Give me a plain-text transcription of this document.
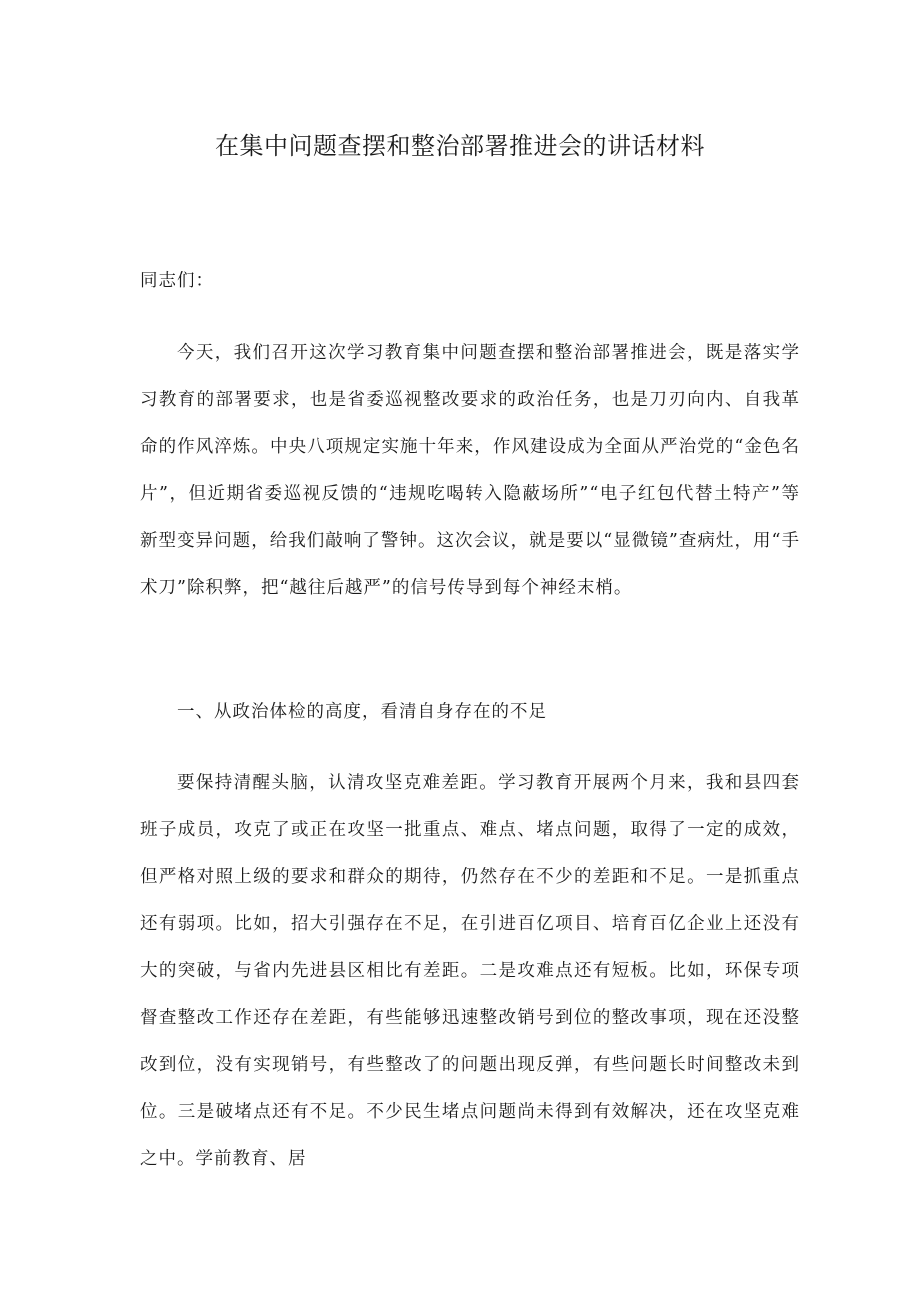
在集中问题查摆和整治部署推进会的讲话材料

同志们：

今天，我们召开这次学习教育集中问题查摆和整治部署推进会，既是落实学习教育的部署要求，也是省委巡视整改要求的政治任务，也是刀刃向内、自我革命的作风淬炼。中央八项规定实施十年来，作风建设成为全面从严治党的“金色名片”，但近期省委巡视反馈的“违规吃喝转入隐蔽场所”“电子红包代替土特产”等新型变异问题，给我们敲响了警钟。这次会议，就是要以“显微镜”查病灶，用“手术刀”除积弊，把“越往后越严”的信号传导到每个神经末梢。

一、从政治体检的高度，看清自身存在的不足

要保持清醒头脑，认清攻坚克难差距。学习教育开展两个月来，我和县四套班子成员，攻克了或正在攻坚一批重点、难点、堵点问题，取得了一定的成效，但严格对照上级的要求和群众的期待，仍然存在不少的差距和不足。一是抓重点还有弱项。比如，招大引强存在不足，在引进百亿项目、培育百亿企业上还没有大的突破，与省内先进县区相比有差距。二是攻难点还有短板。比如，环保专项督查整改工作还存在差距，有些能够迅速整改销号到位的整改事项，现在还没整改到位，没有实现销号，有些整改了的问题出现反弹，有些问题长时间整改未到位。三是破堵点还有不足。不少民生堵点问题尚未得到有效解决，还在攻坚克难之中。学前教育、居
